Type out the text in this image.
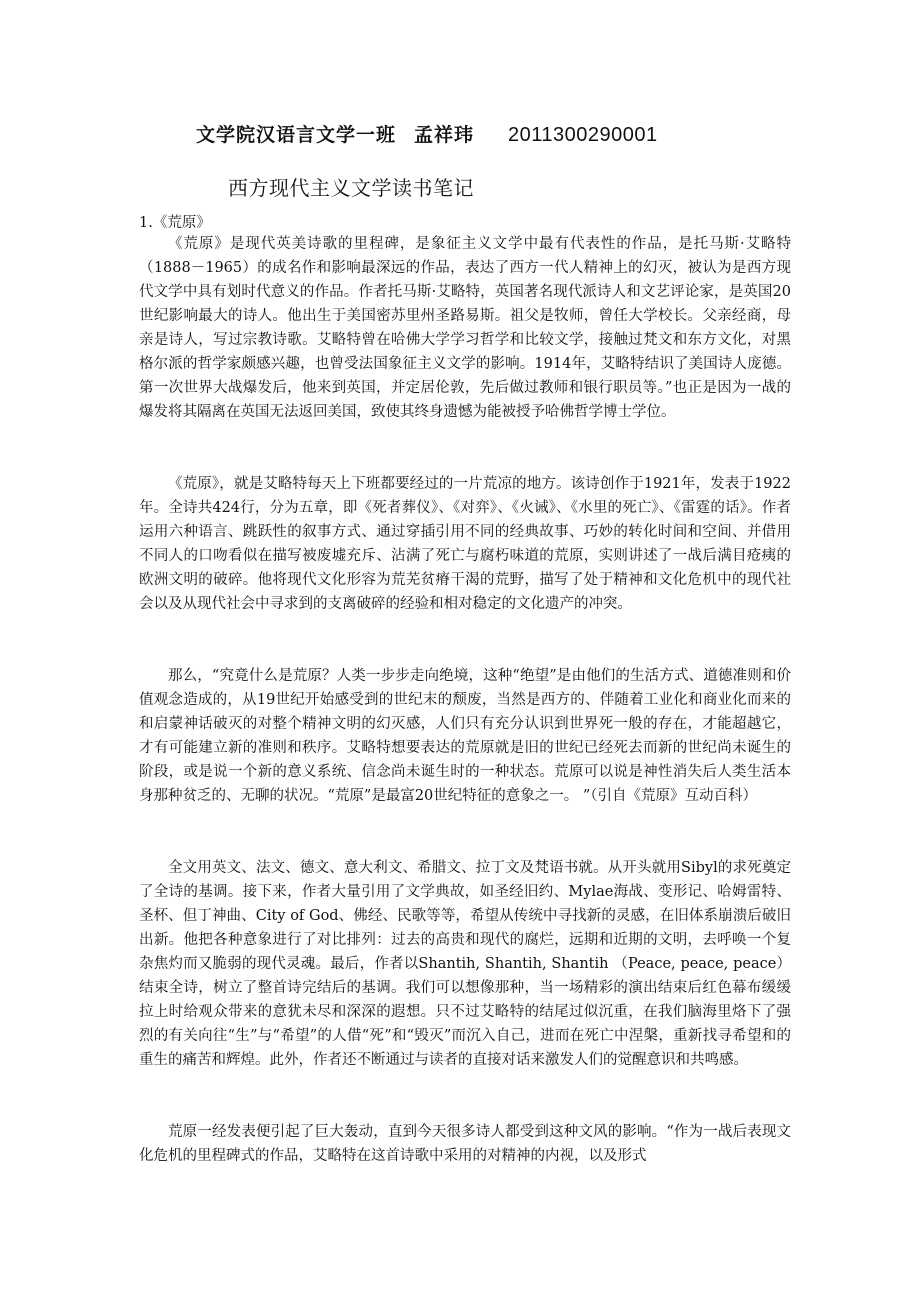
文学院汉语言文学一班 孟祥玮 2011300290001
西方现代主义文学读书笔记
1.《荒原》

《荒原》是现代英美诗歌的里程碑，是象征主义文学中最有代表性的作品，是托马斯·艾略特（1888－1965）的成名作和影响最深远的作品，表达了西方一代人精神上的幻灭，被认为是西方现代文学中具有划时代意义的作品。作者托马斯·艾略特，英国著名现代派诗人和文艺评论家，是英国20世纪影响最大的诗人。他出生于美国密苏里州圣路易斯。祖父是牧师，曾任大学校长。父亲经商，母亲是诗人，写过宗教诗歌。艾略特曾在哈佛大学学习哲学和比较文学，接触过梵文和东方文化，对黑格尔派的哲学家颇感兴趣，也曾受法国象征主义文学的影响。1914年，艾略特结识了美国诗人庞德。第一次世界大战爆发后，他来到英国，并定居伦敦，先后做过教师和银行职员等。”也正是因为一战的爆发将其隔离在英国无法返回美国，致使其终身遗憾为能被授予哈佛哲学博士学位。

《荒原》，就是艾略特每天上下班都要经过的一片荒凉的地方。该诗创作于1921年，发表于1922年。全诗共424行，分为五章，即《死者葬仪》、《对弈》、《火诫》、《水里的死亡》、《雷霆的话》。作者运用六种语言、跳跃性的叙事方式、通过穿插引用不同的经典故事、巧妙的转化时间和空间、并借用不同人的口吻看似在描写被废墟充斥、沾满了死亡与腐朽味道的荒原，实则讲述了一战后满目疮痍的欧洲文明的破碎。他将现代文化形容为荒芜贫瘠干渴的荒野，描写了处于精神和文化危机中的现代社会以及从现代社会中寻求到的支离破碎的经验和相对稳定的文化遗产的冲突。

那么，“究竟什么是荒原？人类一步步走向绝境，这种“绝望”是由他们的生活方式、道德准则和价值观念造成的，从19世纪开始感受到的世纪末的颓废，当然是西方的、伴随着工业化和商业化而来的和启蒙神话破灭的对整个精神文明的幻灭感，人们只有充分认识到世界死一般的存在，才能超越它，才有可能建立新的准则和秩序。艾略特想要表达的荒原就是旧的世纪已经死去而新的世纪尚未诞生的阶段，或是说一个新的意义系统、信念尚未诞生时的一种状态。荒原可以说是神性消失后人类生活本身那种贫乏的、无聊的状况。“荒原”是最富20世纪特征的意象之一。 ”（引自《荒原》互动百科）

全文用英文、法文、德文、意大利文、希腊文、拉丁文及梵语书就。从开头就用Sibyl的求死奠定了全诗的基调。接下来，作者大量引用了文学典故，如圣经旧约、Mylae海战、变形记、哈姆雷特、圣杯、但丁神曲、City of God、佛经、民歌等等，希望从传统中寻找新的灵感，在旧体系崩溃后破旧出新。他把各种意象进行了对比排列：过去的高贵和现代的腐烂，远期和近期的文明，去呼唤一个复杂焦灼而又脆弱的现代灵魂。最后，作者以Shantih, Shantih, Shantih （Peace, peace, peace）结束全诗，树立了整首诗完结后的基调。我们可以想像那种，当一场精彩的演出结束后红色幕布缓缓拉上时给观众带来的意犹未尽和深深的遐想。只不过艾略特的结尾过似沉重，在我们脑海里烙下了强烈的有关向往“生”与“希望”的人借“死”和“毁灭”而沉入自己，进而在死亡中涅槃，重新找寻希望和的重生的痛苦和辉煌。此外，作者还不断通过与读者的直接对话来激发人们的觉醒意识和共鸣感。

荒原一经发表便引起了巨大轰动，直到今天很多诗人都受到这种文风的影响。“作为一战后表现文化危机的里程碑式的作品，艾略特在这首诗歌中采用的对精神的内视，以及形式
